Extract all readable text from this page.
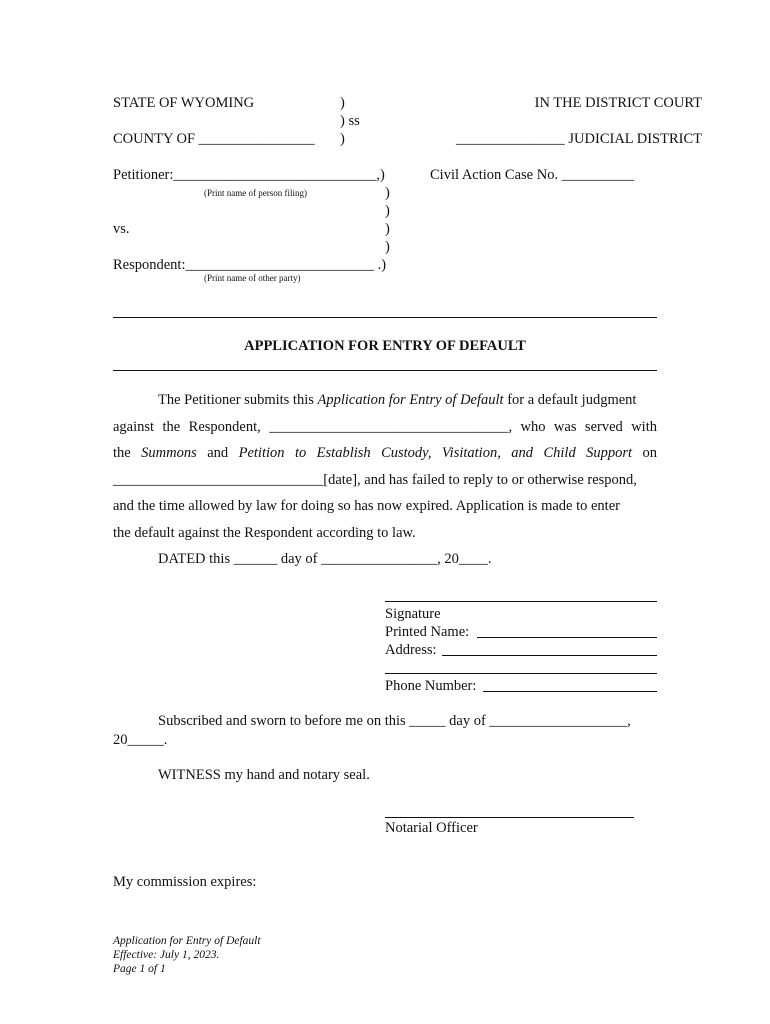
STATE OF WYOMING
COUNTY OF ________________
)
) ss
)
IN THE DISTRICT COURT
_______________ JUDICIAL DISTRICT
Petitioner:____________________________,)
(Print name of person filing)	)
)
vs.	)
)
Respondent:__________________________ .)
(Print name of other party)
Civil Action Case No. __________
APPLICATION FOR ENTRY OF DEFAULT
The Petitioner submits this Application for Entry of Default for a default judgment
against the Respondent, _________________________________, who was served with
the Summons and Petition to Establish Custody, Visitation, and Child Support on
_____________________________[date], and has failed to reply to or otherwise respond,
and the time allowed by law for doing so has now expired. Application is made to enter
the default against the Respondent according to law.
DATED this ______ day of ________________, 20____.
Signature
Printed Name:
Address:
Phone Number:
Subscribed and sworn to before me on this _____ day of ___________________,
20_____.
WITNESS my hand and notary seal.
Notarial Officer
My commission expires:
Application for Entry of Default
Effective: July 1, 2023.
Page 1 of 1
